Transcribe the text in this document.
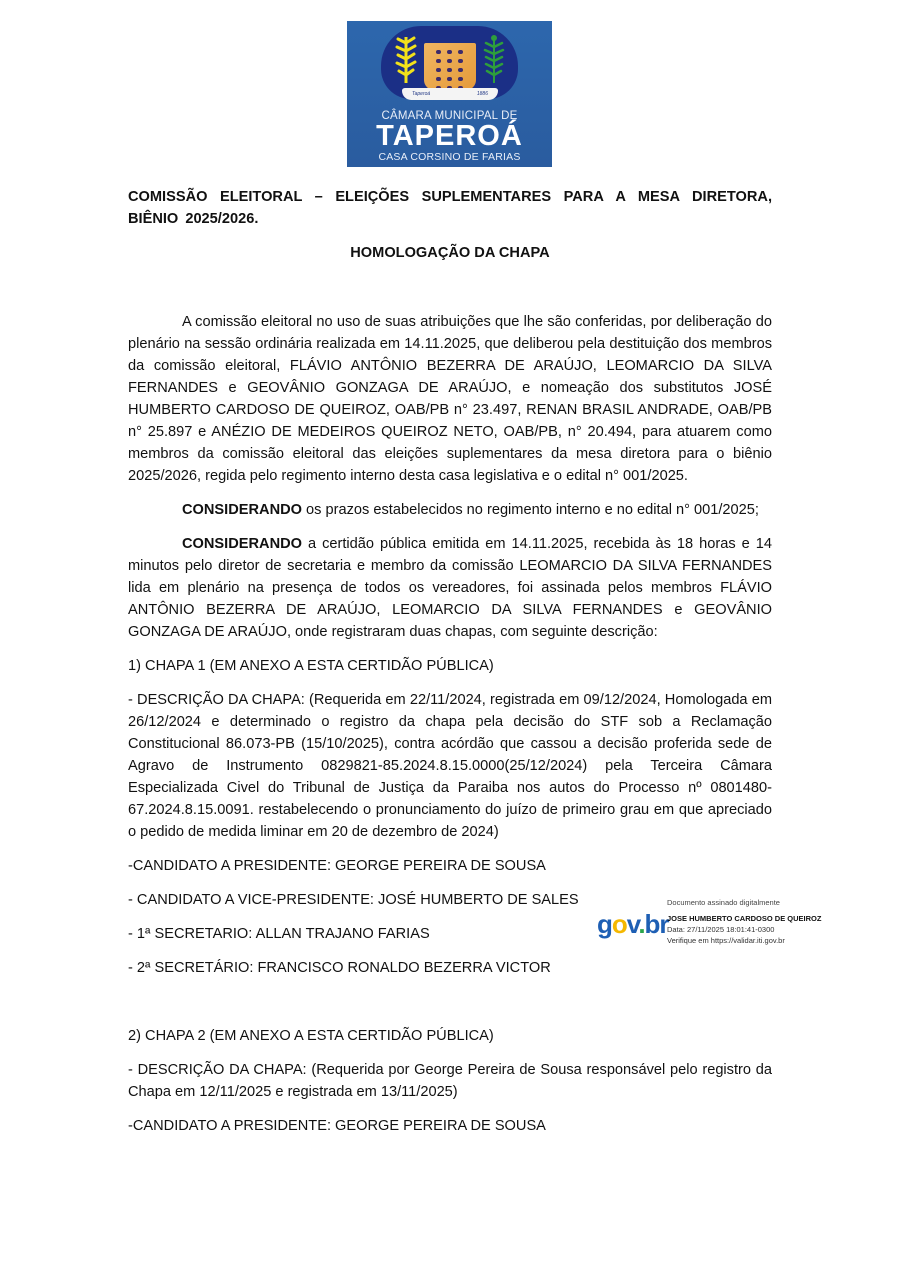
Taperoá	1886
CÂMARA MUNICIPAL DE
TAPEROÁ
CASA CORSINO DE FARIAS

COMISSÃO ELEITORAL – ELEIÇÕES SUPLEMENTARES PARA A MESA DIRETORA, BIÊNIO 2025/2026.

HOMOLOGAÇÃO DA CHAPA

A comissão eleitoral no uso de suas atribuições que lhe são conferidas, por deliberação do plenário na sessão ordinária realizada em 14.11.2025, que deliberou pela destituição dos membros da comissão eleitoral, FLÁVIO ANTÔNIO BEZERRA DE ARAÚJO, LEOMARCIO DA SILVA FERNANDES e GEOVÂNIO GONZAGA DE ARAÚJO, e nomeação dos substitutos JOSÉ HUMBERTO CARDOSO DE QUEIROZ, OAB/PB n° 23.497, RENAN BRASIL ANDRADE, OAB/PB n° 25.897 e ANÉZIO DE MEDEIROS QUEIROZ NETO, OAB/PB, n° 20.494, para atuarem como membros da comissão eleitoral das eleições suplementares da mesa diretora para o biênio 2025/2026, regida pelo regimento interno desta casa legislativa e o edital n° 001/2025.

CONSIDERANDO os prazos estabelecidos no regimento interno e no edital n° 001/2025;

CONSIDERANDO a certidão pública emitida em 14.11.2025, recebida às 18 horas e 14 minutos pelo diretor de secretaria e membro da comissão LEOMARCIO DA SILVA FERNANDES lida em plenário na presença de todos os vereadores, foi assinada pelos membros FLÁVIO ANTÔNIO BEZERRA DE ARAÚJO, LEOMARCIO DA SILVA FERNANDES e GEOVÂNIO GONZAGA DE ARAÚJO, onde registraram duas chapas, com seguinte descrição:

1) CHAPA 1 (EM ANEXO A ESTA CERTIDÃO PÚBLICA)

- DESCRIÇÃO DA CHAPA: (Requerida em 22/11/2024, registrada em 09/12/2024, Homologada em 26/12/2024 e determinado o registro da chapa pela decisão do STF sob a Reclamação Constitucional 86.073-PB (15/10/2025), contra acórdão que cassou a decisão proferida sede de Agravo de Instrumento 0829821-85.2024.8.15.0000(25/12/2024) pela Terceira Câmara Especializada Civel do Tribunal de Justiça da Paraiba nos autos do Processo nº 0801480-67.2024.8.15.0091. restabelecendo o pronunciamento do juízo de primeiro grau em que apreciado o pedido de medida liminar em 20 de dezembro de 2024)

-CANDIDATO A PRESIDENTE: GEORGE PEREIRA DE SOUSA

- CANDIDATO A VICE-PRESIDENTE: JOSÉ HUMBERTO DE SALES

- 1ª SECRETARIO: ALLAN TRAJANO FARIAS

- 2ª SECRETÁRIO: FRANCISCO RONALDO BEZERRA VICTOR

2) CHAPA 2 (EM ANEXO A ESTA CERTIDÃO PÚBLICA)

- DESCRIÇÃO DA CHAPA: (Requerida por George Pereira de Sousa responsável pelo registro da Chapa em 12/11/2025 e registrada em 13/11/2025)

-CANDIDATO A PRESIDENTE: GEORGE PEREIRA DE SOUSA

gov.br
Documento assinado digitalmente
JOSE HUMBERTO CARDOSO DE QUEIROZ
Data: 27/11/2025 18:01:41-0300
Verifique em https://validar.iti.gov.br
